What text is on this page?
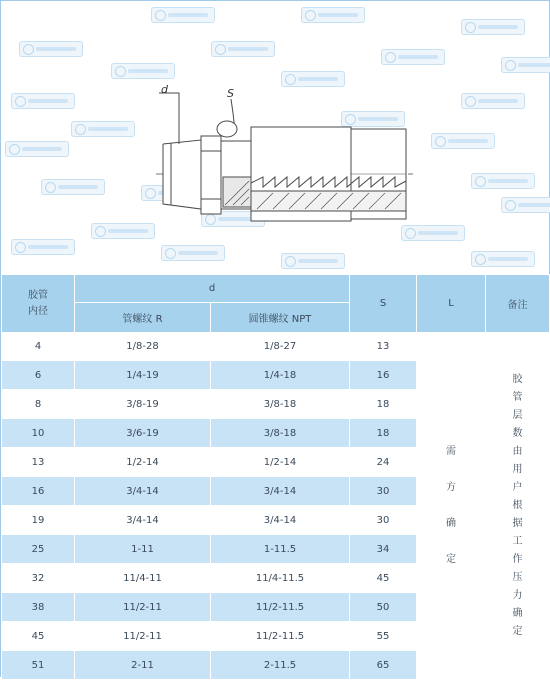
d	S
胶管
内径	d		S	L	备注
	管螺纹 R	圆锥螺纹 NPT			
4	1/8-28	1/8-27	13	需方确定	胶管层数由用户根据工作压力确定
6	1/4-19	1/4-18	16		
8	3/8-19	3/8-18	18		
10	3/6-19	3/8-18	18		
13	1/2-14	1/2-14	24		
16	3/4-14	3/4-14	30		
19	3/4-14	3/4-14	30		
25	1-11	1-11.5	34		
32	11/4-11	11/4-11.5	45		
38	11/2-11	11/2-11.5	50		
45	11/2-11	11/2-11.5	55		
51	2-11	2-11.5	65		
